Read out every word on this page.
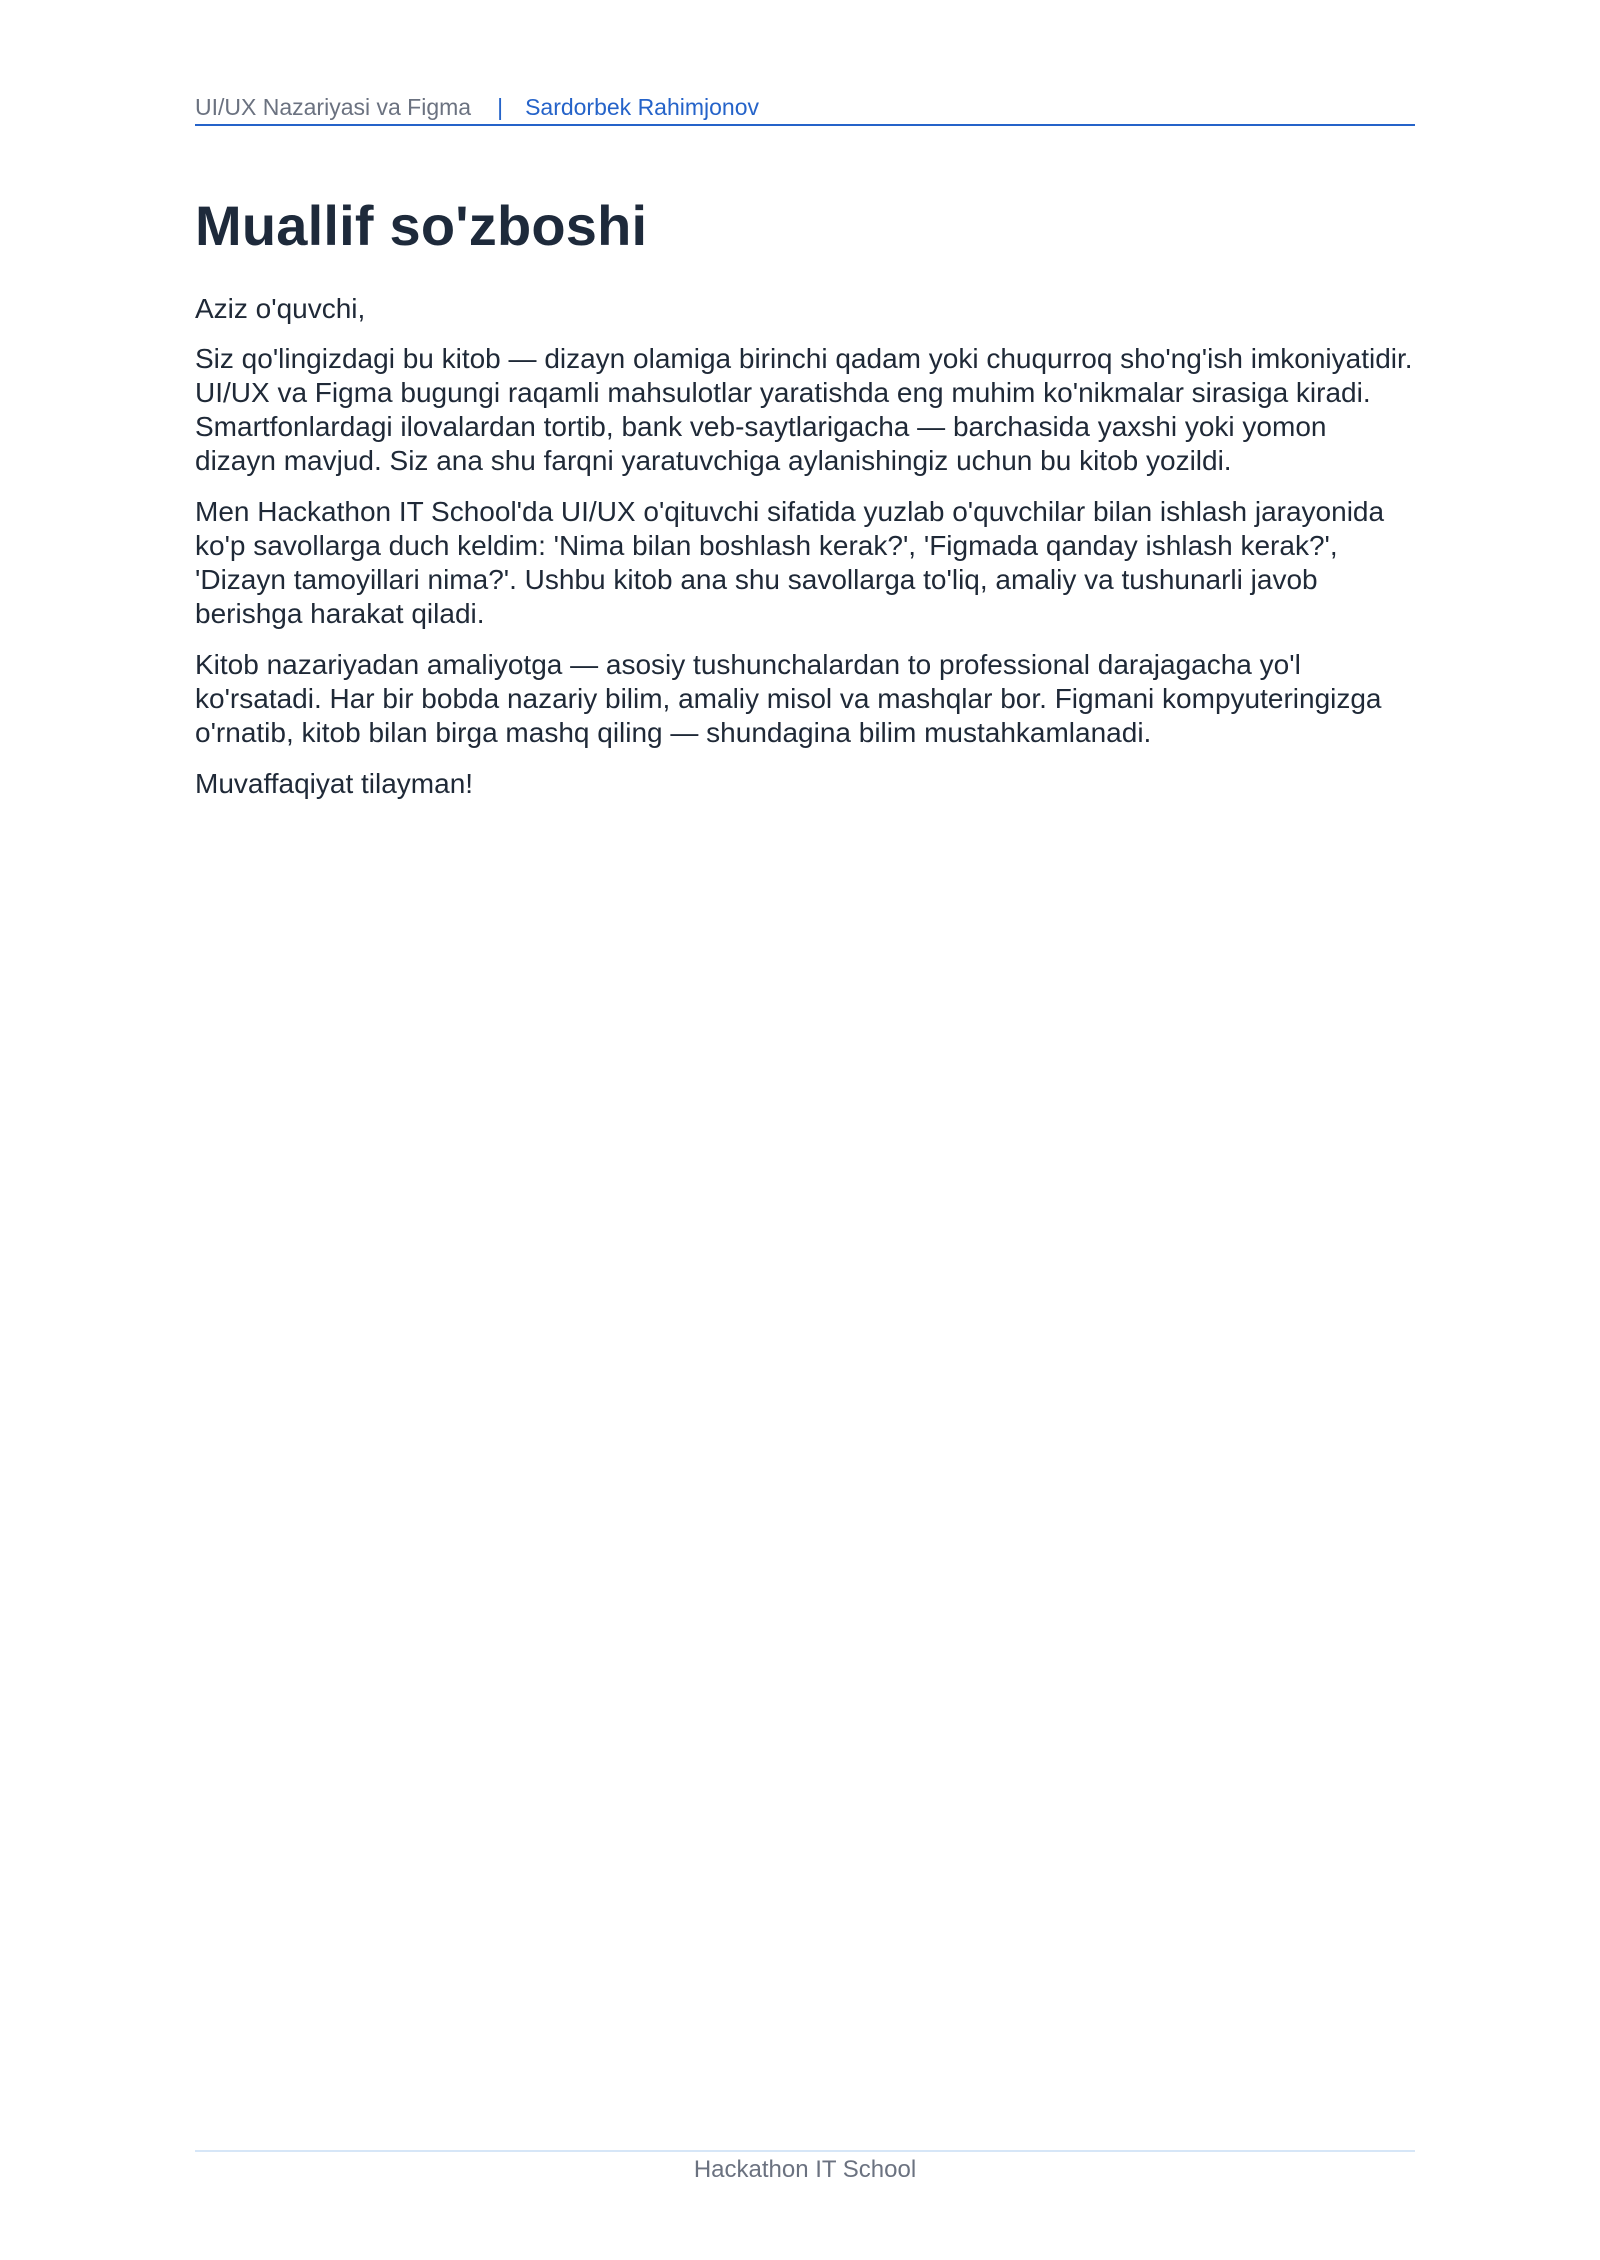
UI/UX Nazariyasi va Figma | Sardorbek Rahimjonov
Muallif so'zboshi

Aziz o'quvchi,

Siz qo'lingizdagi bu kitob — dizayn olamiga birinchi qadam yoki chuqurroq sho'ng'ish imkoniyatidir. UI/UX va Figma bugungi raqamli mahsulotlar yaratishda eng muhim ko'nikmalar sirasiga kiradi. Smartfonlardagi ilovalardan tortib, bank veb-saytlarigacha — barchasida yaxshi yoki yomon dizayn mavjud. Siz ana shu farqni yaratuvchiga aylanishingiz uchun bu kitob yozildi.

Men Hackathon IT School'da UI/UX o'qituvchi sifatida yuzlab o'quvchilar bilan ishlash jarayonida ko'p savollarga duch keldim: 'Nima bilan boshlash kerak?', 'Figmada qanday ishlash kerak?', 'Dizayn tamoyillari nima?'. Ushbu kitob ana shu savollarga to'liq, amaliy va tushunarli javob berishga harakat qiladi.

Kitob nazariyadan amaliyotga — asosiy tushunchalardan to professional darajagacha yo'l ko'rsatadi. Har bir bobda nazariy bilim, amaliy misol va mashqlar bor. Figmani kompyuteringizga o'rnatib, kitob bilan birga mashq qiling — shundagina bilim mustahkamlanadi.

Muvaffaqiyat tilayman!

Hackathon IT School
